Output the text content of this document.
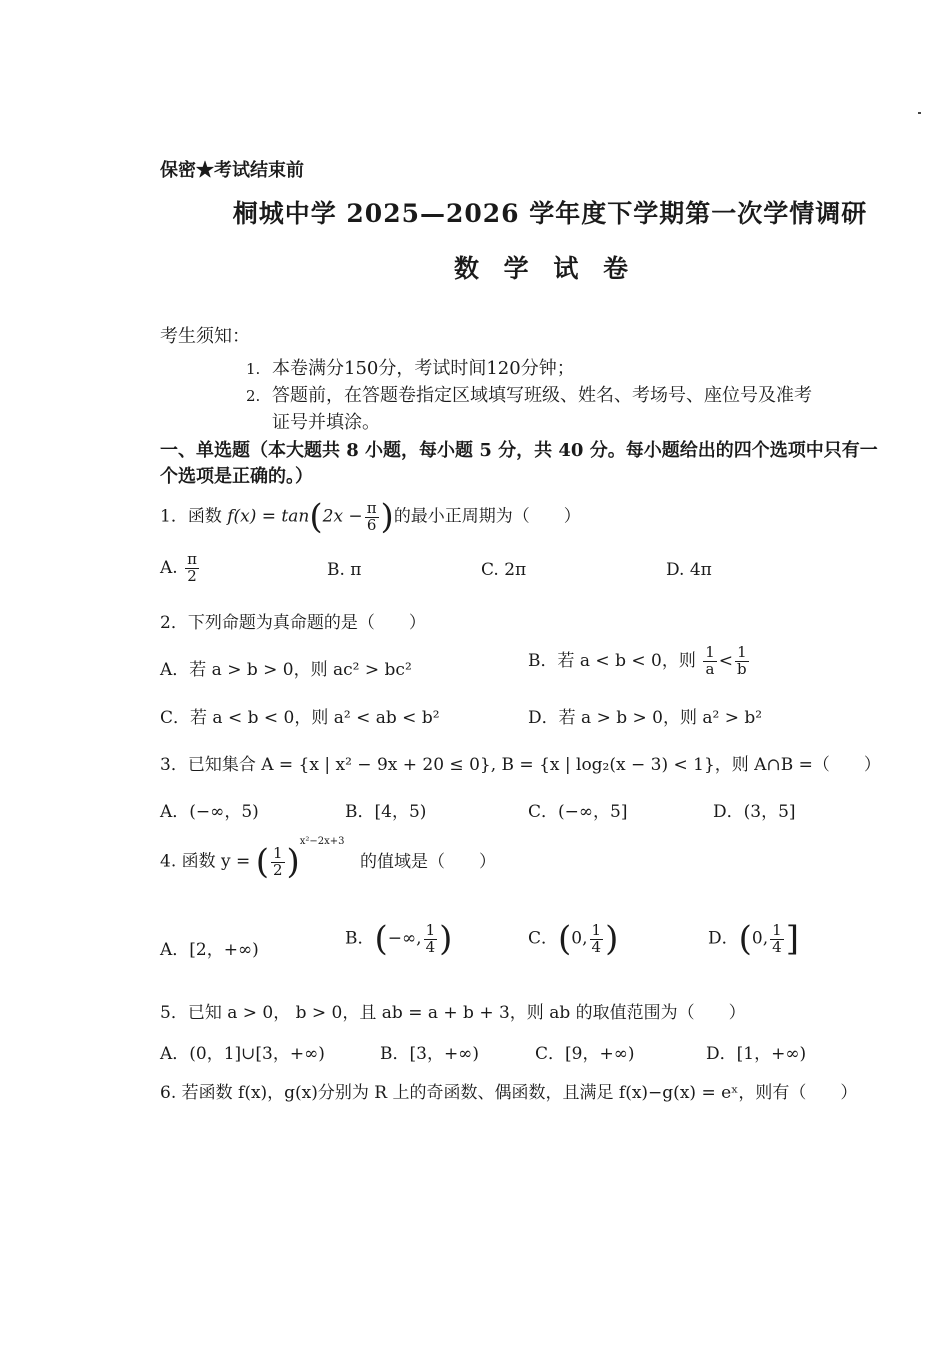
保密★考试结束前
桐城中学 2025—2026 学年度下学期第一次学情调研
数 学 试 卷
考生须知：
1. 本卷满分150分，考试时间120分钟；
2. 答题前，在答题卷指定区域填写班级、姓名、考场号、座位号及准考
证号并填涂。
一、单选题（本大题共 8 小题，每小题 5 分，共 40 分。每小题给出的四个选项中只有一
个选项是正确的。）
1．函数 $f(x) = \tan(2x - \frac{\pi}{6}$ )的最小正周期为（　　）
A. $\frac{\pi}{2}$	B. π	C. 2π	D. 4π
2．下列命题为真命题的是（　　）
A．若 a > b > 0，则 ac² > bc²	B．若 a < b < 0，则 $\frac{1}{a} < \frac{1}{b}$
C．若 a < b < 0，则 a² < ab < b²	D．若 a > b > 0，则 a² > b²
3．已知集合 A = {x | x² − 9x + 20 ≤ 0}, B = {x | log₂(x − 3) < 1}，则 A∩B =（　　）
A．(−∞，5)	B．[4，5)	C．(−∞，5]	D．(3，5]
4. 函数 y = ( $\frac{1}{2} )^{x^2-2x+3}$ 的值域是（　　）
A．[2，+∞)
B．(−∞, $\frac{1}{4}$ )	C．(0, $\frac{1}{4}$ )	D．(0, $\frac{1}{4}$ ]
5．已知 a > 0， b > 0，且 ab = a + b + 3，则 ab 的取值范围为（　　）
A．(0，1]∪[3，+∞)	B．[3，+∞)	C．[9，+∞)	D．[1，+∞)
6. 若函数 f(x)，g(x)分别为 R 上的奇函数、偶函数，且满足 f(x)−g(x) = eˣ，则有（　　）
